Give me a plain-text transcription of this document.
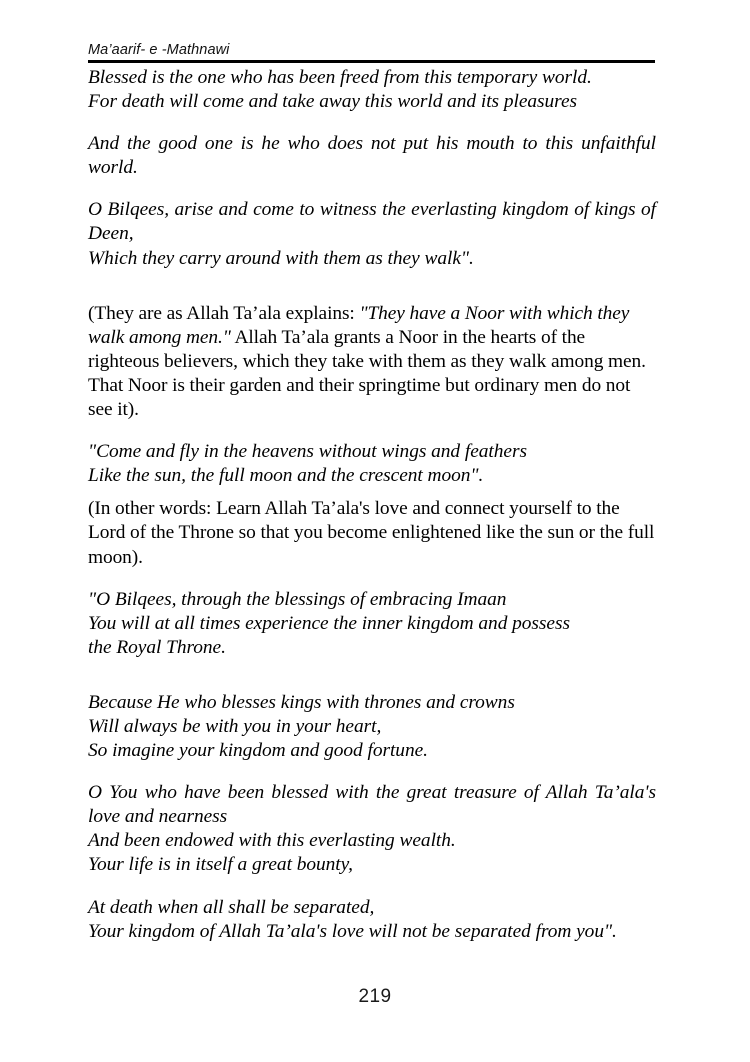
Ma’aarif- e -Mathnawi
Blessed is the one who has been freed from this temporary world.
For death will come and take away this world and its pleasures
And the good one is he who does not put his mouth to this unfaithful world.
O Bilqees, arise and come to witness the everlasting kingdom of kings of Deen,
Which they carry around with them as they walk".
(They are as Allah Ta’ala explains: "They have a Noor with which they walk among men." Allah Ta’ala grants a Noor in the hearts of the righteous believers, which they take with them as they walk among men. That Noor is their garden and their springtime but ordinary men do not see it).
"Come and fly in the heavens without wings and feathers
Like the sun, the full moon and the crescent moon".
(In other words: Learn Allah Ta’ala's love and connect yourself to the Lord of the Throne so that you become enlightened like the sun or the full moon).
"O Bilqees, through the blessings of embracing Imaan
You will at all times experience the inner kingdom and possess
the Royal Throne.
Because He who blesses kings with thrones and crowns
Will always be with you in your heart,
So imagine your kingdom and good fortune.
O You who have been blessed with the great treasure of Allah Ta’ala's love and nearness
And been endowed with this everlasting wealth.
Your life is in itself a great bounty,
At death when all shall be separated,
Your kingdom of Allah Ta’ala's love will not be separated from you".
219
